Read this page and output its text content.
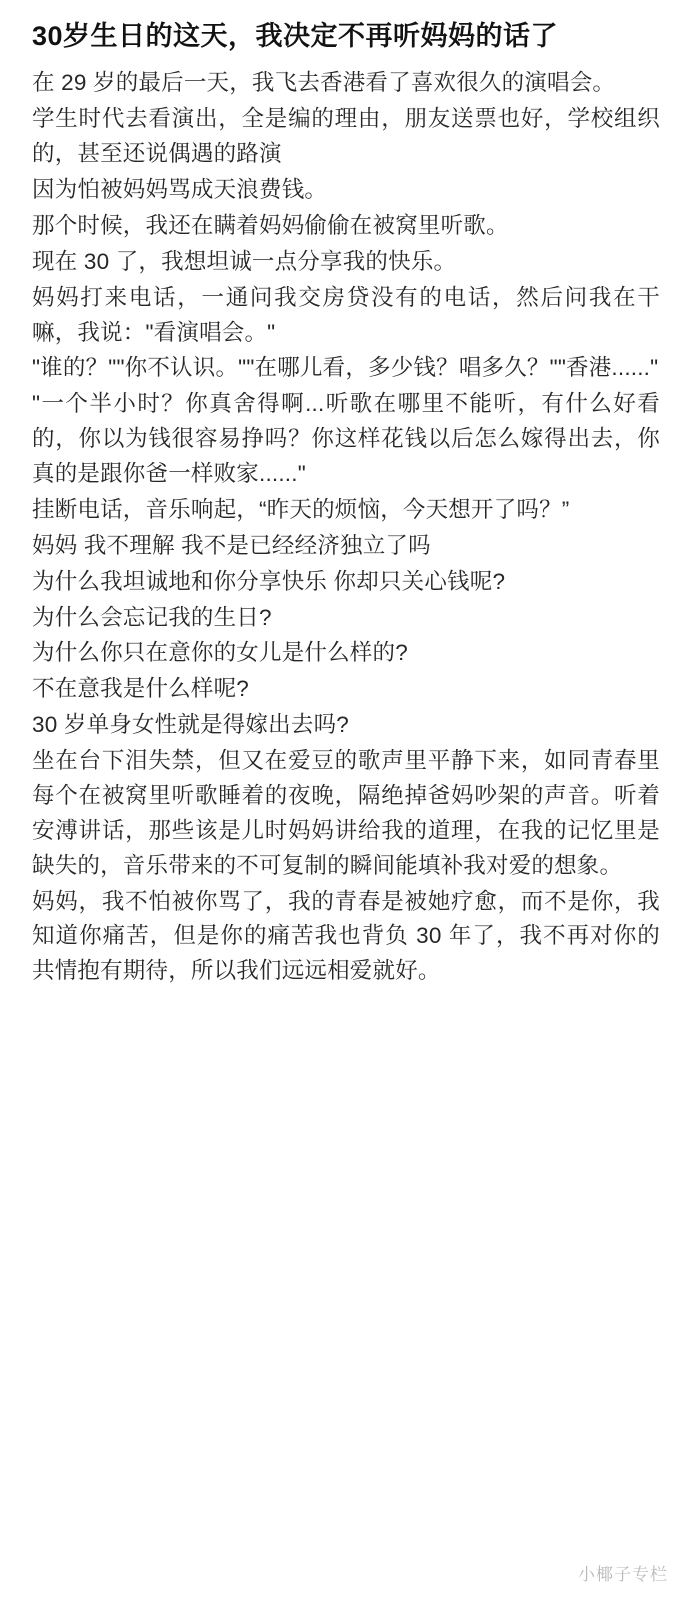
30岁生日的这天，我决定不再听妈妈的话了

在 29 岁的最后一天，我飞去香港看了喜欢很久的演唱会。

学生时代去看演出，全是编的理由，朋友送票也好，学校组织的，甚至还说偶遇的路演

因为怕被妈妈骂成天浪费钱。

那个时候，我还在瞒着妈妈偷偷在被窝里听歌。

现在 30 了，我想坦诚一点分享我的快乐。

妈妈打来电话，一通问我交房贷没有的电话，然后问我在干嘛，我说："看演唱会。"

"谁的？""你不认识。""在哪儿看，多少钱？唱多久？""香港......"

"一个半小时？你真舍得啊...听歌在哪里不能听，有什么好看的，你以为钱很容易挣吗？你这样花钱以后怎么嫁得出去，你真的是跟你爸一样败家......"

挂断电话，音乐响起，“昨天的烦恼，今天想开了吗？”

妈妈 我不理解 我不是已经经济独立了吗

为什么我坦诚地和你分享快乐 你却只关心钱呢?

为什么会忘记我的生日?

为什么你只在意你的女儿是什么样的?

不在意我是什么样呢?

30 岁单身女性就是得嫁出去吗?

坐在台下泪失禁，但又在爱豆的歌声里平静下来，如同青春里每个在被窝里听歌睡着的夜晚，隔绝掉爸妈吵架的声音。听着安溥讲话，那些该是儿时妈妈讲给我的道理，在我的记忆里是缺失的，音乐带来的不可复制的瞬间能填补我对爱的想象。

妈妈，我不怕被你骂了，我的青春是被她疗愈，而不是你，我知道你痛苦，但是你的痛苦我也背负 30 年了，我不再对你的共情抱有期待，所以我们远远相爱就好。

小椰子专栏
